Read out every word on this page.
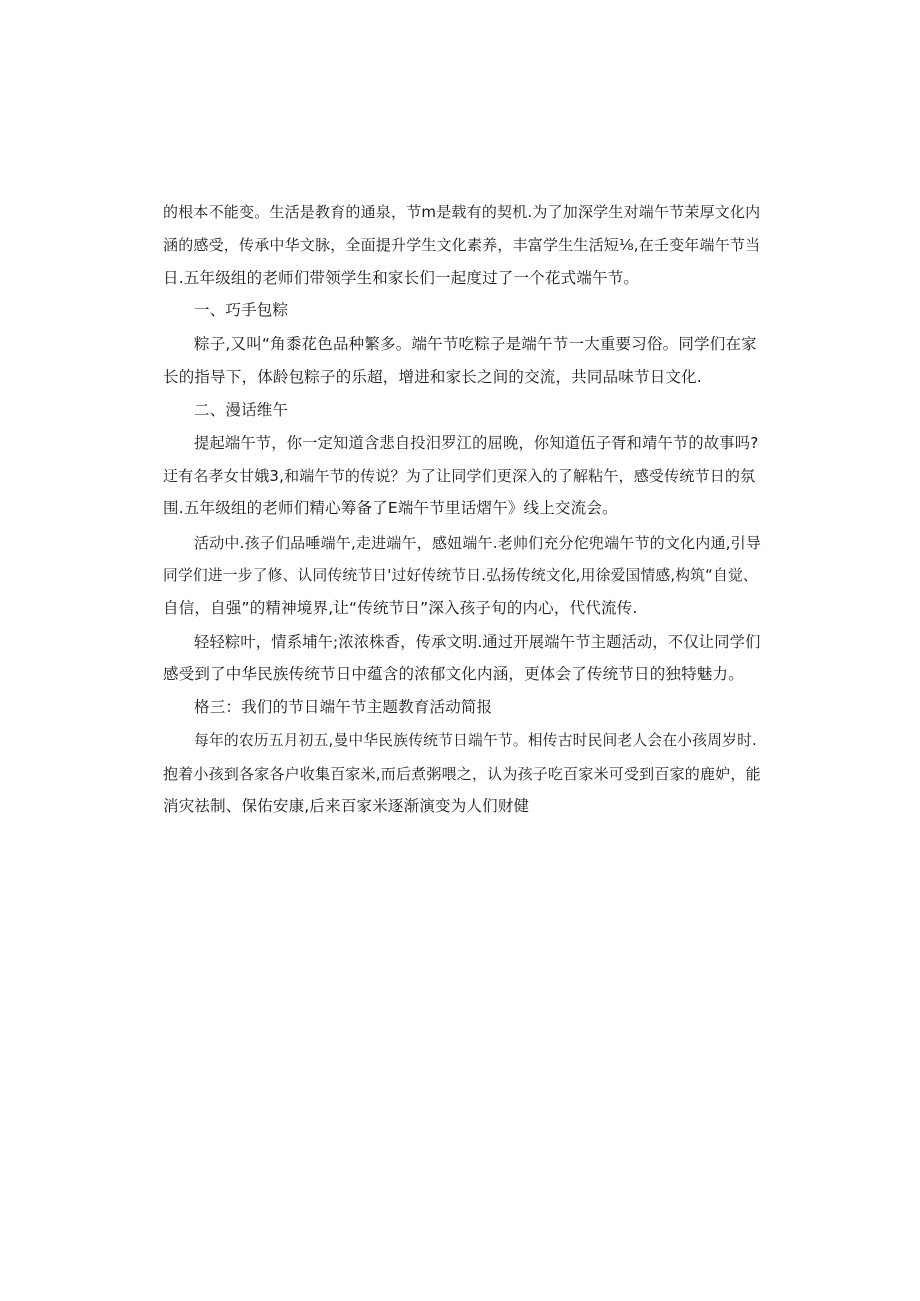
的根本不能变。生活是教育的通泉，节m是载有的契机.为了加深学生对端午节茉厚文化内
涵的感受，传承中华文脉，全面提升学生文化素养，丰富学生生活短⅛,在壬变年端午节当
日.五年级组的老师们带领学生和家长们一起度过了一个花式端午节。
一、巧手包粽
粽子,又叫“角黍花色品种繁多。端午节吃粽子是端午节一大重要习俗。同学们在家
长的指导下，体龄包粽子的乐超，增进和家长之间的交流，共同品味节日文化.
二、漫话维午
提起端午节，你一定知道含悲自投汨罗江的屈晚，你知道伍子胥和靖午节的故事吗?
迂有名孝女甘娥3,和端午节的传说？为了让同学们更深入的了解粘午，感受传统节日的氛
围.五年级组的老师们精心筹备了E端午节里话熠午》线上交流会。
活动中.孩子们品唾端午,走进端午，感妞端午.老帅们充分佗兜端午节的文化内通,引导
同学们进一步了修、认同传统节日'过好传统节日.弘扬传统文化,用徐爱国情感,构筑“自觉、
自信，自强”的精神境界,让“传统节日”深入孩子旬的内心，代代流传.
轻轻粽叶，情系埔午;浓浓株香，传承文明.通过开展端午节主题活动，不仅让同学们
感受到了中华民族传统节日中蕴含的浓郁文化内涵，更体会了传统节日的独特魅力。
格三：我们的节日端午节主题教育活动简报
每年的农历五月初五,曼中华民族传统节日端午节。相传古时民间老人会在小孩周岁时.
抱着小孩到各家各户收集百家米,而后煮粥喂之，认为孩子吃百家米可受到百家的鹿妒，能
消灾祛制、保佑安康,后来百家米逐渐演变为人们财健
